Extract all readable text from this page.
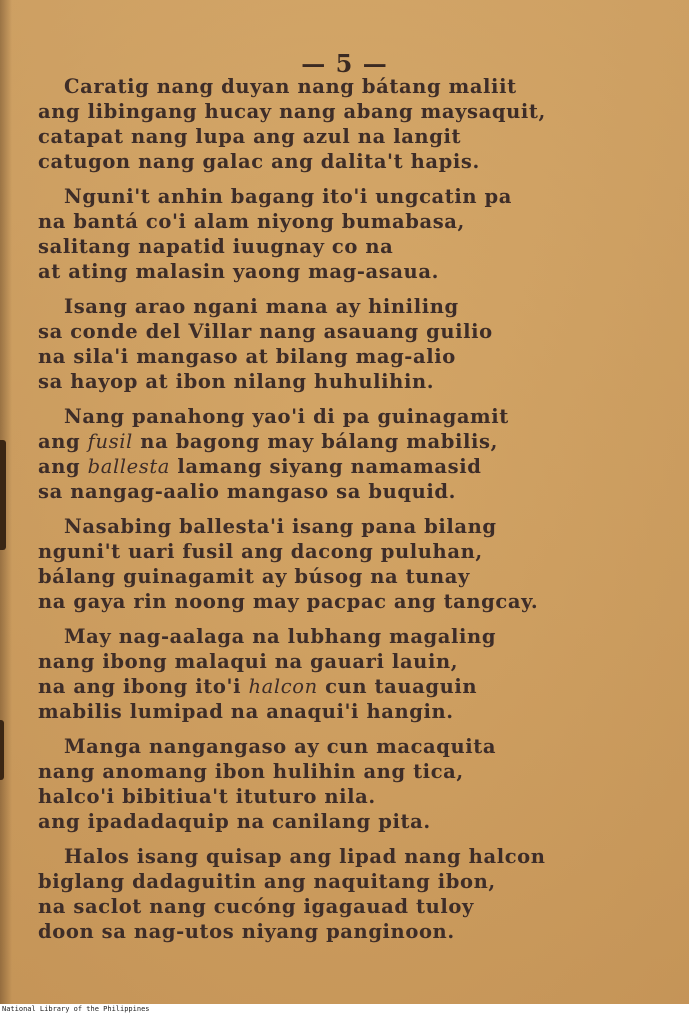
— 5 —
Caratig nang duyan nang bátang maliit
ang libingang hucay nang abang maysaquit,
catapat nang lupa ang azul na langit
catugon nang galac ang dalita't hapis.
Nguni't anhin bagang ito'i ungcatin pa
na bantá co'i alam niyong bumabasa,
salitang napatid iuugnay co na
at ating malasin yaong mag-asaua.
Isang arao ngani mana ay hiniling
sa conde del Villar nang asauang guilio
na sila'i mangaso at bilang mag-alio
sa hayop at ibon nilang huhulihin.
Nang panahong yao'i di pa guinagamit
ang fusil na bagong may bálang mabilis,
ang ballesta lamang siyang namamasid
sa nangag-aalio mangaso sa buquid.
Nasabing ballesta'i isang pana bilang
nguni't uari fusil ang dacong puluhan,
bálang guinagamit ay búsog na tunay
na gaya rin noong may pacpac ang tangcay.
May nag-aalaga na lubhang magaling
nang ibong malaqui na gauari lauin,
na ang ibong ito'i halcon cun tauaguin
mabilis lumipad na anaqui'i hangin.
Manga nangangaso ay cun macaquita
nang anomang ibon hulihin ang tica,
halco'i bibitiua't ituturo nila.
ang ipadadaquip na canilang pita.
Halos isang quisap ang lipad nang halcon
biglang dadaguitin ang naquitang ibon,
na saclot nang cucóng igagauad tuloy
doon sa nag-utos niyang panginoon.
National Library of the Philippines
